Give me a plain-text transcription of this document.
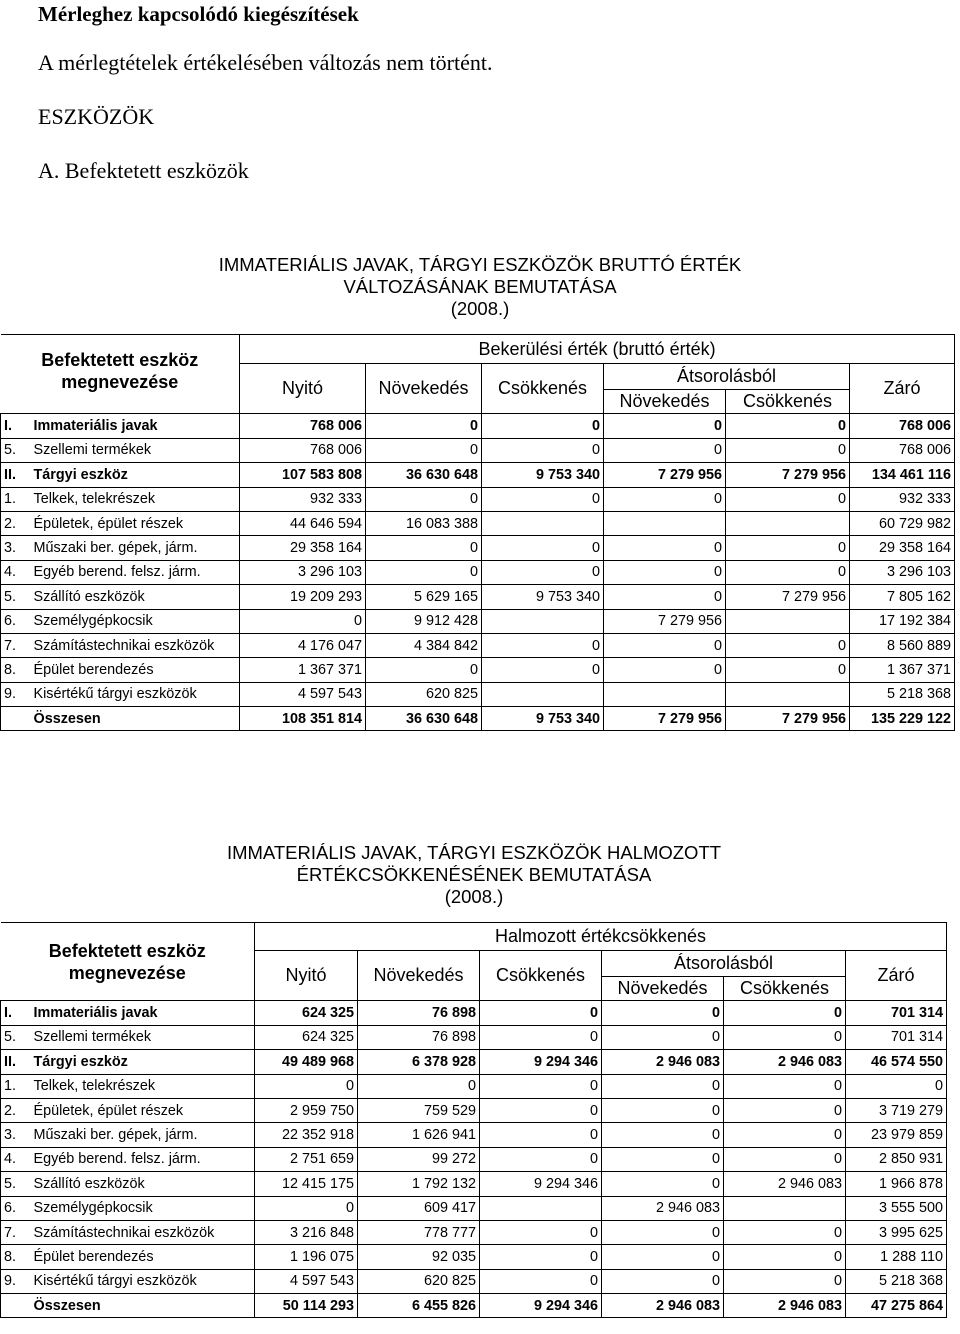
Mérleghez kapcsolódó kiegészítések
A mérlegtételek értékelésében változás nem történt.
ESZKÖZÖK
A. Befektetett eszközök
IMMATERIÁLIS JAVAK, TÁRGYI ESZKÖZÖK BRUTTÓ ÉRTÉK
VÁLTOZÁSÁNAK BEMUTATÁSA
(2008.)
Befektetett eszköz
megnevezése		Bekerülési érték (bruttó érték)					
		Nyitó	Növekedés	Csökkenés	Átsorolásból		Záró
					Növekedés	Csökkenés	
I.	Immateriális javak	768 006	0	0	0	0	768 006
5.	Szellemi termékek	768 006	0	0	0	0	768 006
II.	Tárgyi eszköz	107 583 808	36 630 648	9 753 340	7 279 956	7 279 956	134 461 116
1.	Telkek, telekrészek	932 333	0	0	0	0	932 333
2.	Épületek, épület részek	44 646 594	16 083 388				60 729 982
3.	Műszaki ber. gépek, járm.	29 358 164	0	0	0	0	29 358 164
4.	Egyéb berend. felsz. járm.	3 296 103	0	0	0	0	3 296 103
5.	Szállító eszközök	19 209 293	5 629 165	9 753 340	0	7 279 956	7 805 162
6.	Személygépkocsik	0	9 912 428		7 279 956		17 192 384
7.	Számítástechnikai eszközök	4 176 047	4 384 842	0	0	0	8 560 889
8.	Épület berendezés	1 367 371	0	0	0	0	1 367 371
9.	Kisértékű tárgyi eszközök	4 597 543	620 825				5 218 368
	Összesen	108 351 814	36 630 648	9 753 340	7 279 956	7 279 956	135 229 122
IMMATERIÁLIS JAVAK, TÁRGYI ESZKÖZÖK HALMOZOTT
ÉRTÉKCSÖKKENÉSÉNEK BEMUTATÁSA
(2008.)
Befektetett eszköz
megnevezése		Halmozott értékcsökkenés					
		Nyitó	Növekedés	Csökkenés	Átsorolásból		Záró
					Növekedés	Csökkenés	
I.	Immateriális javak	624 325	76 898	0	0	0	701 314
5.	Szellemi termékek	624 325	76 898	0	0	0	701 314
II.	Tárgyi eszköz	49 489 968	6 378 928	9 294 346	2 946 083	2 946 083	46 574 550
1.	Telkek, telekrészek	0	0	0	0	0	0
2.	Épületek, épület részek	2 959 750	759 529	0	0	0	3 719 279
3.	Műszaki ber. gépek, járm.	22 352 918	1 626 941	0	0	0	23 979 859
4.	Egyéb berend. felsz. járm.	2 751 659	99 272	0	0	0	2 850 931
5.	Szállító eszközök	12 415 175	1 792 132	9 294 346	0	2 946 083	1 966 878
6.	Személygépkocsik	0	609 417		2 946 083		3 555 500
7.	Számítástechnikai eszközök	3 216 848	778 777	0	0	0	3 995 625
8.	Épület berendezés	1 196 075	92 035	0	0	0	1 288 110
9.	Kisértékű tárgyi eszközök	4 597 543	620 825	0	0	0	5 218 368
	Összesen	50 114 293	6 455 826	9 294 346	2 946 083	2 946 083	47 275 864
